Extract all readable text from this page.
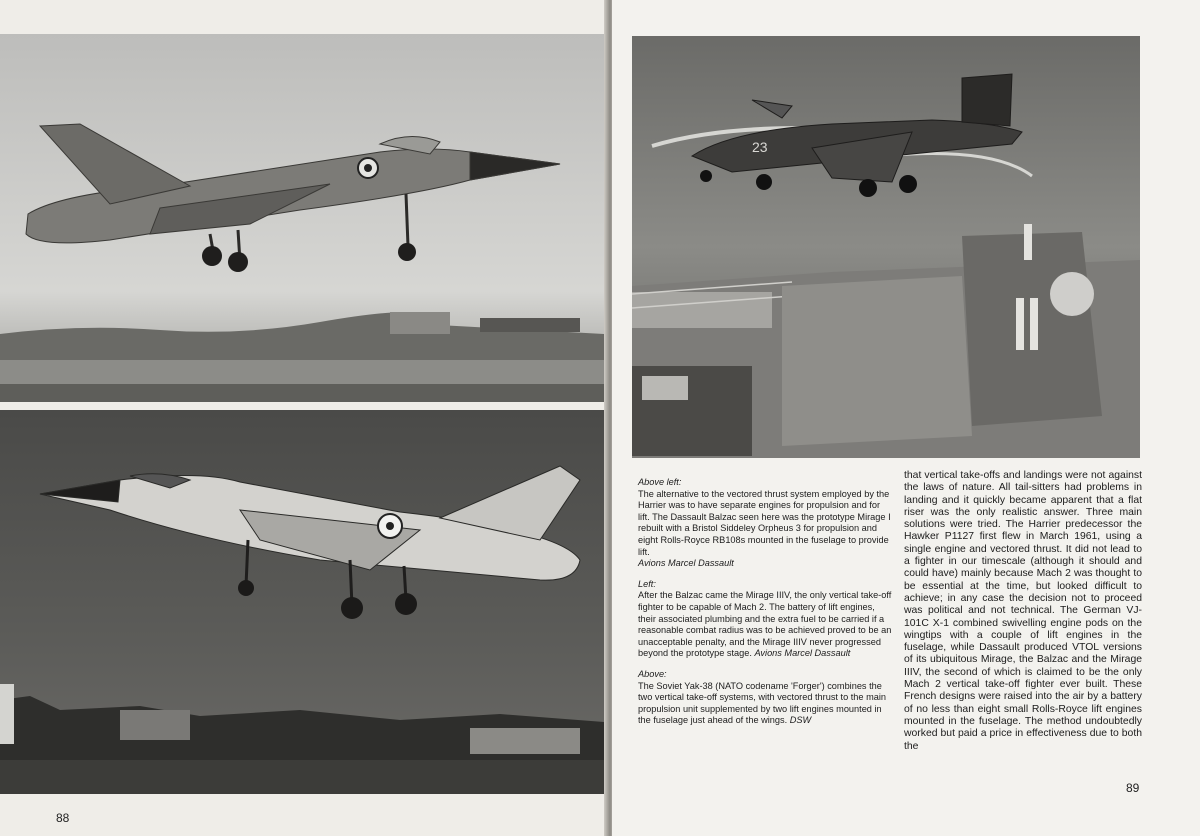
88
23

Above left:
The alternative to the vectored thrust system employed by the Harrier was to have separate engines for propulsion and for lift. The Dassault Balzac seen here was the prototype Mirage I rebuilt with a Bristol Siddeley Orpheus 3 for propulsion and eight Rolls-Royce RB108s mounted in the fuselage to provide lift.
Avions Marcel Dassault

Left:
After the Balzac came the Mirage IIIV, the only vertical take-off fighter to be capable of Mach 2. The battery of lift engines, their associated plumbing and the extra fuel to be carried if a reasonable combat radius was to be achieved proved to be an unacceptable penalty, and the Mirage IIIV never progressed beyond the prototype stage. Avions Marcel Dassault

Above:
The Soviet Yak-38 (NATO codename 'Forger') combines the two vertical take-off systems, with vectored thrust to the main propulsion unit supplemented by two lift engines mounted in the fuselage just ahead of the wings. DSW

that vertical take-offs and landings were not against the laws of nature. All tail-sitters had problems in landing and it quickly became apparent that a flat riser was the only realistic answer. Three main solutions were tried. The Harrier predecessor the Hawker P1127 first flew in March 1961, using a single engine and vectored thrust. It did not lead to a fighter in our timescale (although it should and could have) mainly because Mach 2 was thought to be essential at the time, but looked difficult to achieve; in any case the decision not to proceed was political and not technical. The German VJ-101C X-1 combined swivelling engine pods on the wingtips with a couple of lift engines in the fuselage, while Dassault produced VTOL versions of its ubiquitous Mirage, the Balzac and the Mirage IIIV, the second of which is claimed to be the only Mach 2 vertical take-off fighter ever built. These French designs were raised into the air by a battery of no less than eight small Rolls-Royce lift engines mounted in the fuselage. The method undoubtedly worked but paid a price in effectiveness due to both the

89
